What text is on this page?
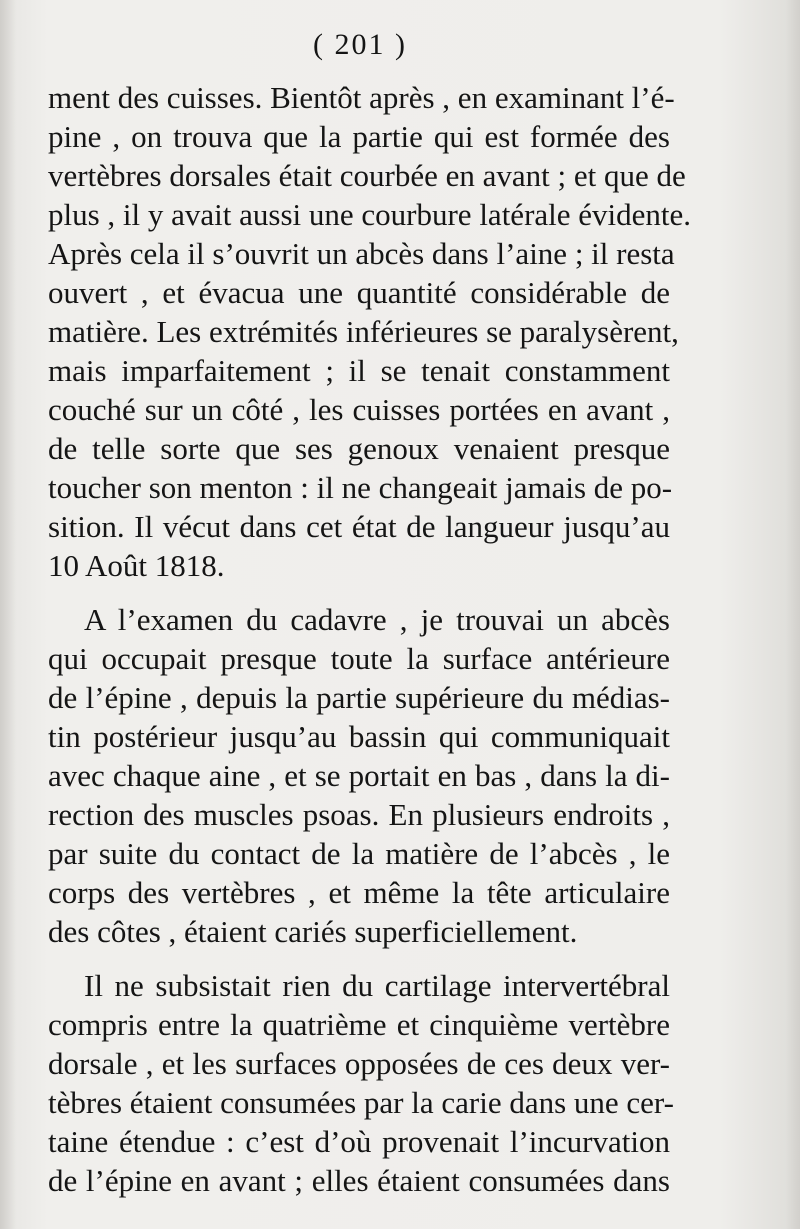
( 201 )

ment des cuisses. Bientôt après , en examinant l’é-
pine , on trouva que la partie qui est formée des
vertèbres dorsales était courbée en avant ; et que de
plus , il y avait aussi une courbure latérale évidente.
Après cela il s’ouvrit un abcès dans l’aine ; il resta
ouvert , et évacua une quantité considérable de
matière. Les extrémités inférieures se paralysèrent,
mais imparfaitement ; il se tenait constamment
couché sur un côté , les cuisses portées en avant ,
de telle sorte que ses genoux venaient presque
toucher son menton : il ne changeait jamais de po-
sition. Il vécut dans cet état de langueur jusqu’au
10 Août 1818.
A l’examen du cadavre , je trouvai un abcès
qui occupait presque toute la surface antérieure
de l’épine , depuis la partie supérieure du médias-
tin postérieur jusqu’au bassin qui communiquait
avec chaque aine , et se portait en bas , dans la di-
rection des muscles psoas. En plusieurs endroits ,
par suite du contact de la matière de l’abcès , le
corps des vertèbres , et même la tête articulaire
des côtes , étaient cariés superficiellement.
Il ne subsistait rien du cartilage intervertébral
compris entre la quatrième et cinquième vertèbre
dorsale , et les surfaces opposées de ces deux ver-
tèbres étaient consumées par la carie dans une cer-
taine étendue : c’est d’où provenait l’incurvation
de l’épine en avant ; elles étaient consumées dans
